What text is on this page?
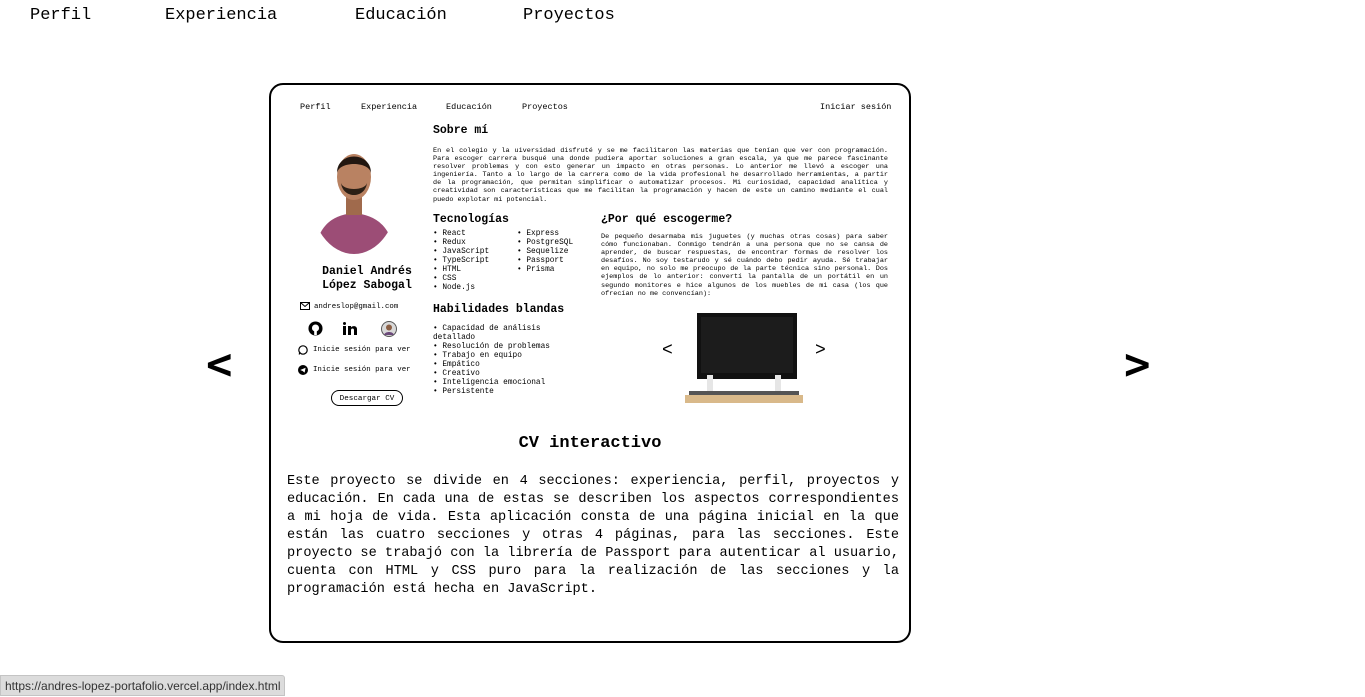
Perfil	Experiencia	Educación	Proyectos
<	>
Perfil	Experiencia	Educación	Proyectos	Iniciar sesión
Daniel Andrés
López Sabogal
andreslop@gmail.com
Inicie sesión para ver
Inicie sesión para ver
Descargar CV
Sobre mí
En el colegio y la uiversidad disfruté y se me facilitaron las materias que tenían que ver con programación. Para escoger carrera busqué una donde pudiera aportar soluciones a gran escala, ya que me parece fascinante resolver problemas y con esto generar un impacto en otras personas. Lo anterior me llevó a escoger una ingeniería. Tanto a lo largo de la carrera como de la vida profesional he desarrollado herramientas, a partir de la programación, que permitan simplificar o automatizar procesos. Mi curiosidad, capacidad analítica y creatividad son características que me facilitan la programación y hacen de este un camino mediante el cual puedo explotar mi potencial.
Tecnologías
• React
• Redux
• JavaScript
• TypeScript
• HTML
• CSS
• Node.js
• Express
• PostgreSQL
• Sequelize
• Passport
• Prisma
Habilidades blandas
• Capacidad de análisis detallado
• Resolución de problemas
• Trabajo en equipo
• Empático
• Creativo
• Inteligencia emocional
• Persistente
¿Por qué escogerme?
De pequeño desarmaba mis juguetes (y muchas otras cosas) para saber cómo funcionaban. Conmigo tendrán a una persona que no se cansa de aprender, de buscar respuestas, de encontrar formas de resolver los desafíos. No soy testarudo y sé cuándo debo pedir ayuda. Sé trabajar en equipo, no solo me preocupo de la parte técnica sino personal. Dos ejemplos de lo anterior: convertí la pantalla de un portátil en un segundo monitores e hice algunos de los muebles de mi casa (los que ofrecían no me convencían):
<	>
CV interactivo
Este proyecto se divide en 4 secciones: experiencia, perfil, proyectos y educación. En cada una de estas se describen los aspectos correspondientes a mi hoja de vida. Esta aplicación consta de una página inicial en la que están las cuatro secciones y otras 4 páginas, para las secciones. Este proyecto se trabajó con la librería de Passport para autenticar al usuario, cuenta con HTML y CSS puro para la realización de las secciones y la programación está hecha en JavaScript.
https://andres-lopez-portafolio.vercel.app/index.html
